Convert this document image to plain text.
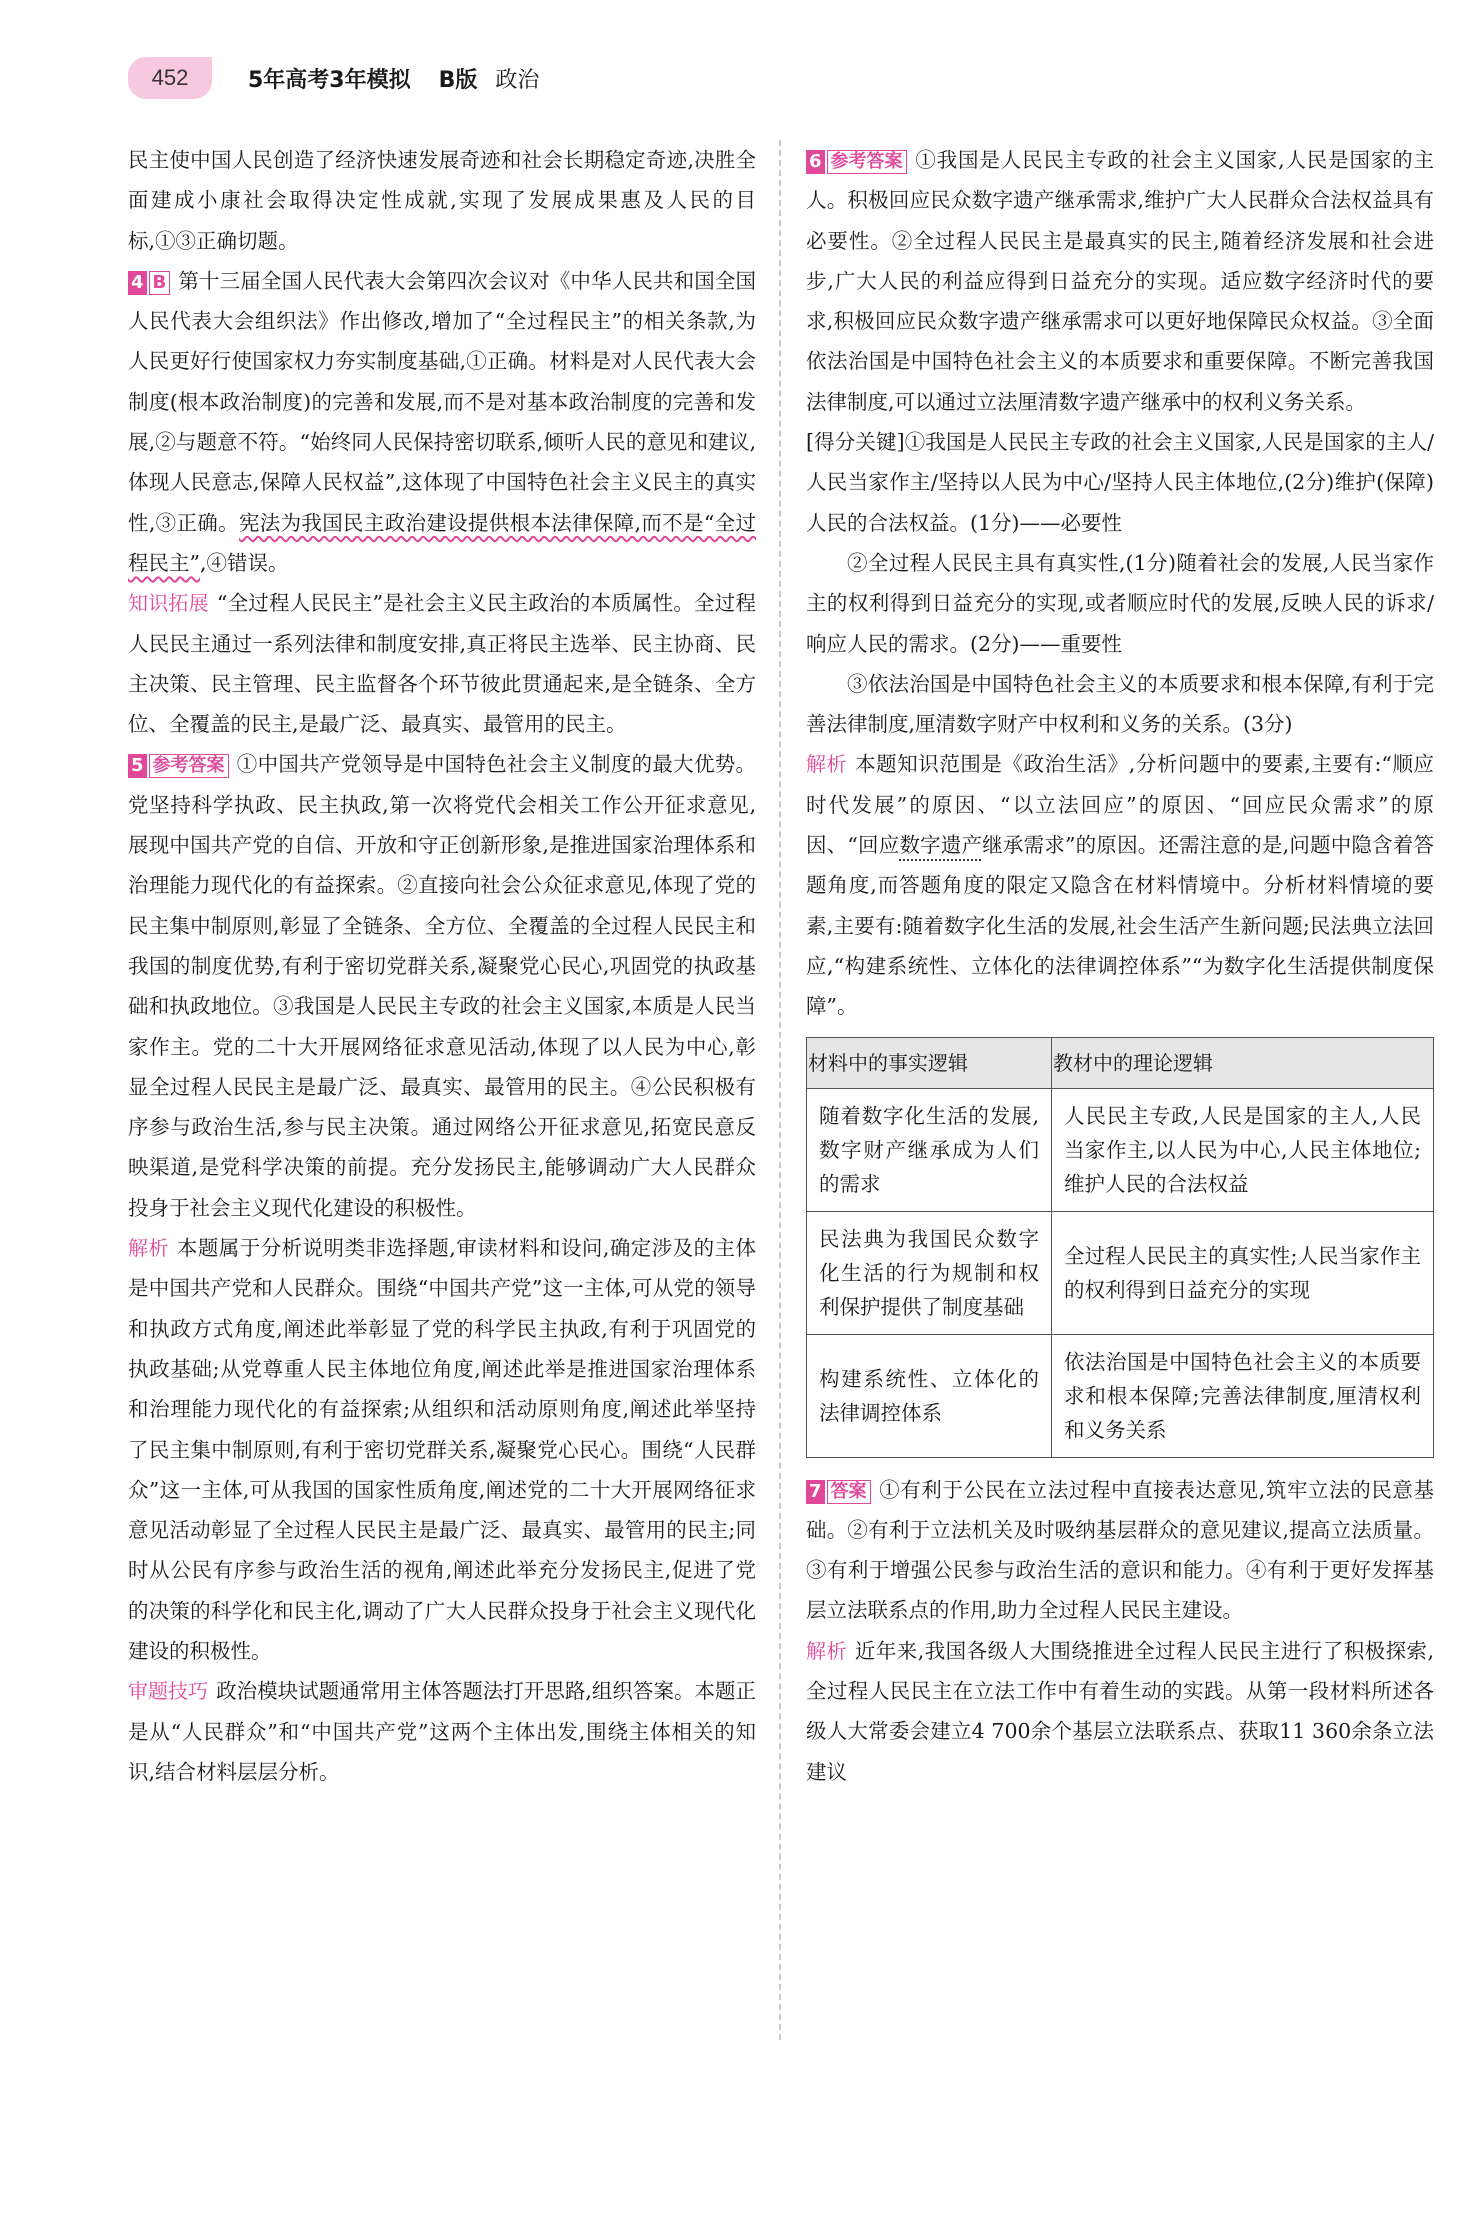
452	5年高考3年模拟 B版 政治

民主使中国人民创造了经济快速发展奇迹和社会长期稳定奇迹,决胜全面建成小康社会取得决定性成就,实现了发展成果惠及人民的目标,①③正确切题。

4 B 第十三届全国人民代表大会第四次会议对《中华人民共和国全国人民代表大会组织法》作出修改,增加了“全过程民主”的相关条款,为人民更好行使国家权力夯实制度基础,①正确。材料是对人民代表大会制度(根本政治制度)的完善和发展,而不是对基本政治制度的完善和发展,②与题意不符。“始终同人民保持密切联系,倾听人民的意见和建议,体现人民意志,保障人民权益”,这体现了中国特色社会主义民主的真实性,③正确。宪法为我国民主政治建设提供根本法律保障,而不是“全过程民主”,④错误。

知识拓展 “全过程人民民主”是社会主义民主政治的本质属性。全过程人民民主通过一系列法律和制度安排,真正将民主选举、民主协商、民主决策、民主管理、民主监督各个环节彼此贯通起来,是全链条、全方位、全覆盖的民主,是最广泛、最真实、最管用的民主。

5 参考答案 ①中国共产党领导是中国特色社会主义制度的最大优势。党坚持科学执政、民主执政,第一次将党代会相关工作公开征求意见,展现中国共产党的自信、开放和守正创新形象,是推进国家治理体系和治理能力现代化的有益探索。②直接向社会公众征求意见,体现了党的民主集中制原则,彰显了全链条、全方位、全覆盖的全过程人民民主和我国的制度优势,有利于密切党群关系,凝聚党心民心,巩固党的执政基础和执政地位。③我国是人民民主专政的社会主义国家,本质是人民当家作主。党的二十大开展网络征求意见活动,体现了以人民为中心,彰显全过程人民民主是最广泛、最真实、最管用的民主。④公民积极有序参与政治生活,参与民主决策。通过网络公开征求意见,拓宽民意反映渠道,是党科学决策的前提。充分发扬民主,能够调动广大人民群众投身于社会主义现代化建设的积极性。

解析 本题属于分析说明类非选择题,审读材料和设问,确定涉及的主体是中国共产党和人民群众。围绕“中国共产党”这一主体,可从党的领导和执政方式角度,阐述此举彰显了党的科学民主执政,有利于巩固党的执政基础;从党尊重人民主体地位角度,阐述此举是推进国家治理体系和治理能力现代化的有益探索;从组织和活动原则角度,阐述此举坚持了民主集中制原则,有利于密切党群关系,凝聚党心民心。围绕“人民群众”这一主体,可从我国的国家性质角度,阐述党的二十大开展网络征求意见活动彰显了全过程人民民主是最广泛、最真实、最管用的民主;同时从公民有序参与政治生活的视角,阐述此举充分发扬民主,促进了党的决策的科学化和民主化,调动了广大人民群众投身于社会主义现代化建设的积极性。

审题技巧 政治模块试题通常用主体答题法打开思路,组织答案。本题正是从“人民群众”和“中国共产党”这两个主体出发,围绕主体相关的知识,结合材料层层分析。

6 参考答案 ①我国是人民民主专政的社会主义国家,人民是国家的主人。积极回应民众数字遗产继承需求,维护广大人民群众合法权益具有必要性。②全过程人民民主是最真实的民主,随着经济发展和社会进步,广大人民的利益应得到日益充分的实现。适应数字经济时代的要求,积极回应民众数字遗产继承需求可以更好地保障民众权益。③全面依法治国是中国特色社会主义的本质要求和重要保障。不断完善我国法律制度,可以通过立法厘清数字遗产继承中的权利义务关系。

[得分关键]①我国是人民民主专政的社会主义国家,人民是国家的主人/人民当家作主/坚持以人民为中心/坚持人民主体地位,(2分)维护(保障)人民的合法权益。(1分)——必要性

②全过程人民民主具有真实性,(1分)随着社会的发展,人民当家作主的权利得到日益充分的实现,或者顺应时代的发展,反映人民的诉求/响应人民的需求。(2分)——重要性

③依法治国是中国特色社会主义的本质要求和根本保障,有利于完善法律制度,厘清数字财产中权利和义务的关系。(3分)

解析 本题知识范围是《政治生活》,分析问题中的要素,主要有:“顺应时代发展”的原因、“以立法回应”的原因、“回应民众需求”的原因、“回应数字遗产继承需求”的原因。还需注意的是,问题中隐含着答题角度,而答题角度的限定又隐含在材料情境中。分析材料情境的要素,主要有:随着数字化生活的发展,社会生活产生新问题;民法典立法回应,“构建系统性、立体化的法律调控体系”“为数字化生活提供制度保障”。

材料中的事实逻辑	教材中的理论逻辑
随着数字化生活的发展,数字财产继承成为人们的需求	人民民主专政,人民是国家的主人,人民当家作主,以人民为中心,人民主体地位;维护人民的合法权益
民法典为我国民众数字化生活的行为规制和权利保护提供了制度基础	全过程人民民主的真实性;人民当家作主的权利得到日益充分的实现
构建系统性、立体化的法律调控体系	依法治国是中国特色社会主义的本质要求和根本保障;完善法律制度,厘清权利和义务关系

7 答案 ①有利于公民在立法过程中直接表达意见,筑牢立法的民意基础。②有利于立法机关及时吸纳基层群众的意见建议,提高立法质量。③有利于增强公民参与政治生活的意识和能力。④有利于更好发挥基层立法联系点的作用,助力全过程人民民主建设。

解析 近年来,我国各级人大围绕推进全过程人民民主进行了积极探索,全过程人民民主在立法工作中有着生动的实践。从第一段材料所述各级人大常委会建立4 700余个基层立法联系点、获取11 360余条立法建议
